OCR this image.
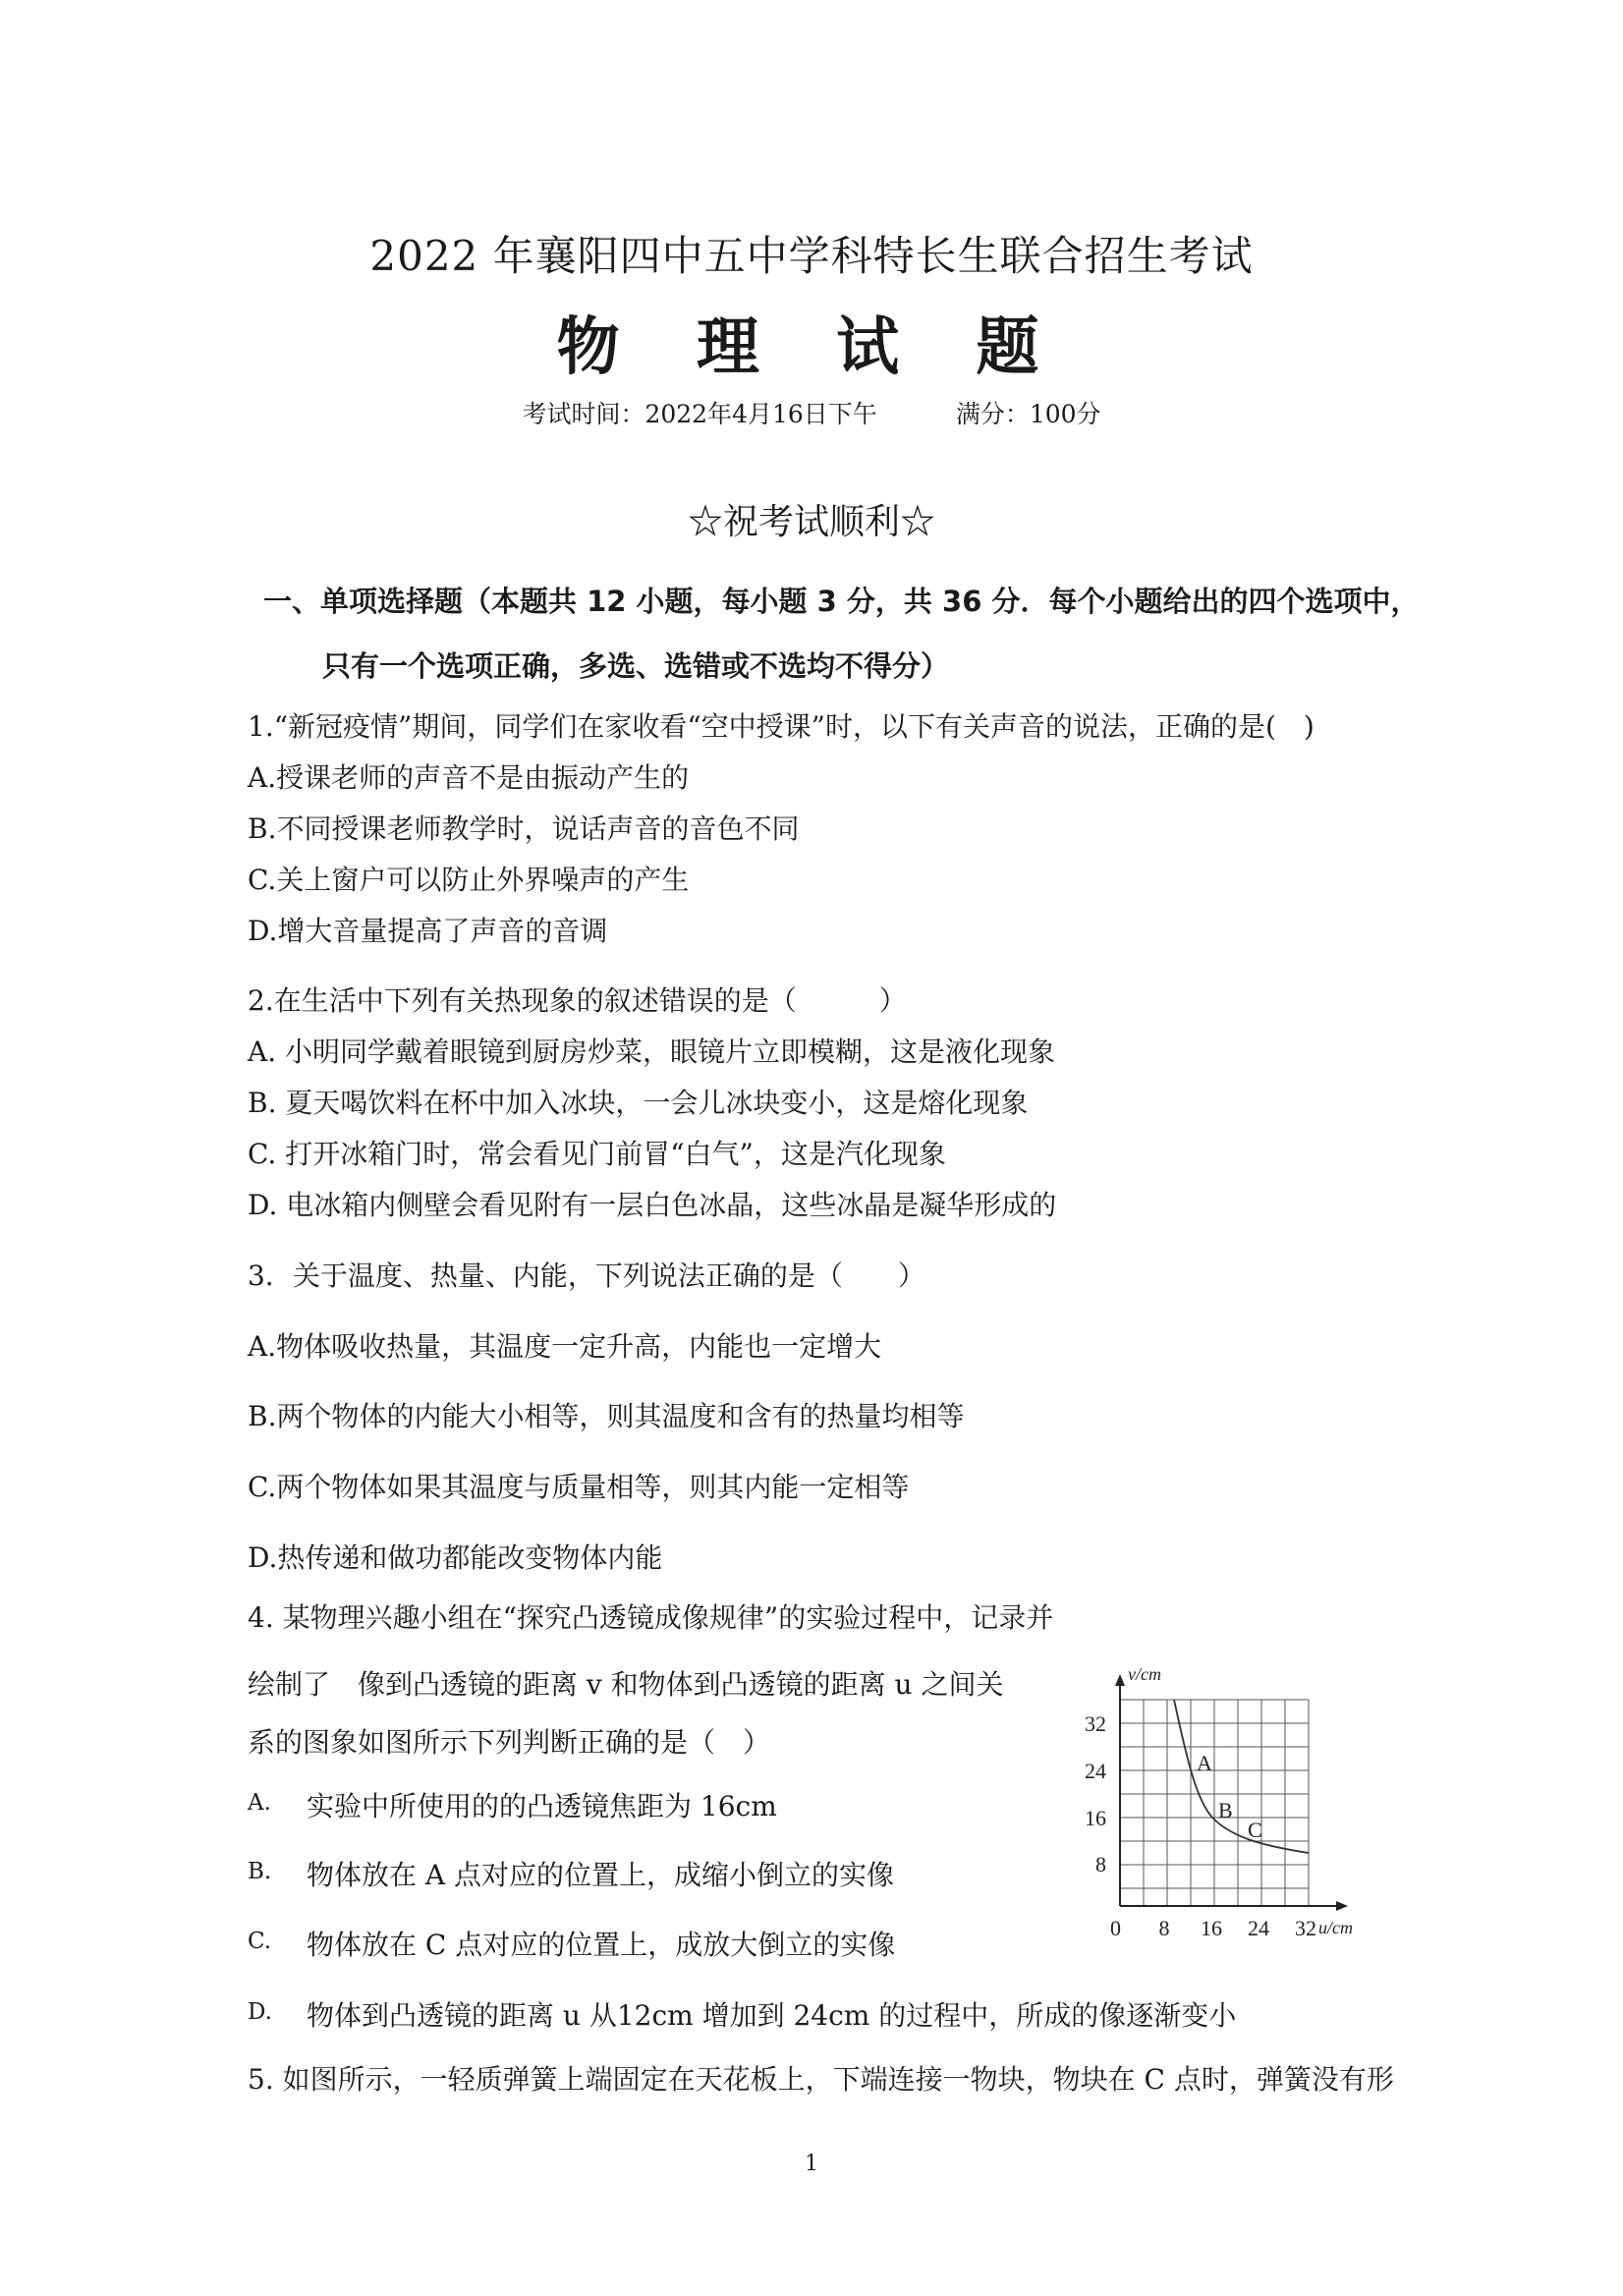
2022 年襄阳四中五中学科特长生联合招生考试
物 理 试 题
考试时间：2022年4月16日下午	满分：100分
☆祝考试顺利☆
一、单项选择题（本题共 12 小题，每小题 3 分，共 36 分．每个小题给出的四个选项中，
只有一个选项正确，多选、选错或不选均不得分）
1.“新冠疫情”期间，同学们在家收看“空中授课”时，以下有关声音的说法，正确的是(　)
A.授课老师的声音不是由振动产生的
B.不同授课老师教学时，说话声音的音色不同
C.关上窗户可以防止外界噪声的产生
D.增大音量提高了声音的音调
2.在生活中下列有关热现象的叙述错误的是（　　　）
A. 小明同学戴着眼镜到厨房炒菜，眼镜片立即模糊，这是液化现象
B. 夏天喝饮料在杯中加入冰块，一会儿冰块变小，这是熔化现象
C. 打开冰箱门时，常会看见门前冒“白气”，这是汽化现象
D. 电冰箱内侧壁会看见附有一层白色冰晶，这些冰晶是凝华形成的
3．关于温度、热量、内能，下列说法正确的是（　　）
A.物体吸收热量，其温度一定升高，内能也一定增大
B.两个物体的内能大小相等，则其温度和含有的热量均相等
C.两个物体如果其温度与质量相等，则其内能一定相等
D.热传递和做功都能改变物体内能
4. 某物理兴趣小组在“探究凸透镜成像规律”的实验过程中，记录并
绘制了　像到凸透镜的距离 v 和物体到凸透镜的距离 u 之间关
系的图象如图所示下列判断正确的是（　）
A. 实验中所使用的的凸透镜焦距为 16cm
B. 物体放在 A 点对应的位置上，成缩小倒立的实像
C. 物体放在 C 点对应的位置上，成放大倒立的实像
D. 物体到凸透镜的距离 u 从12cm 增加到 24cm 的过程中，所成的像逐渐变小
v/cm
u/cm
0 8 16 24 32
8
16
24
32
A
B
C
5. 如图所示，一轻质弹簧上端固定在天花板上，下端连接一物块，物块在 C 点时，弹簧没有形
1
